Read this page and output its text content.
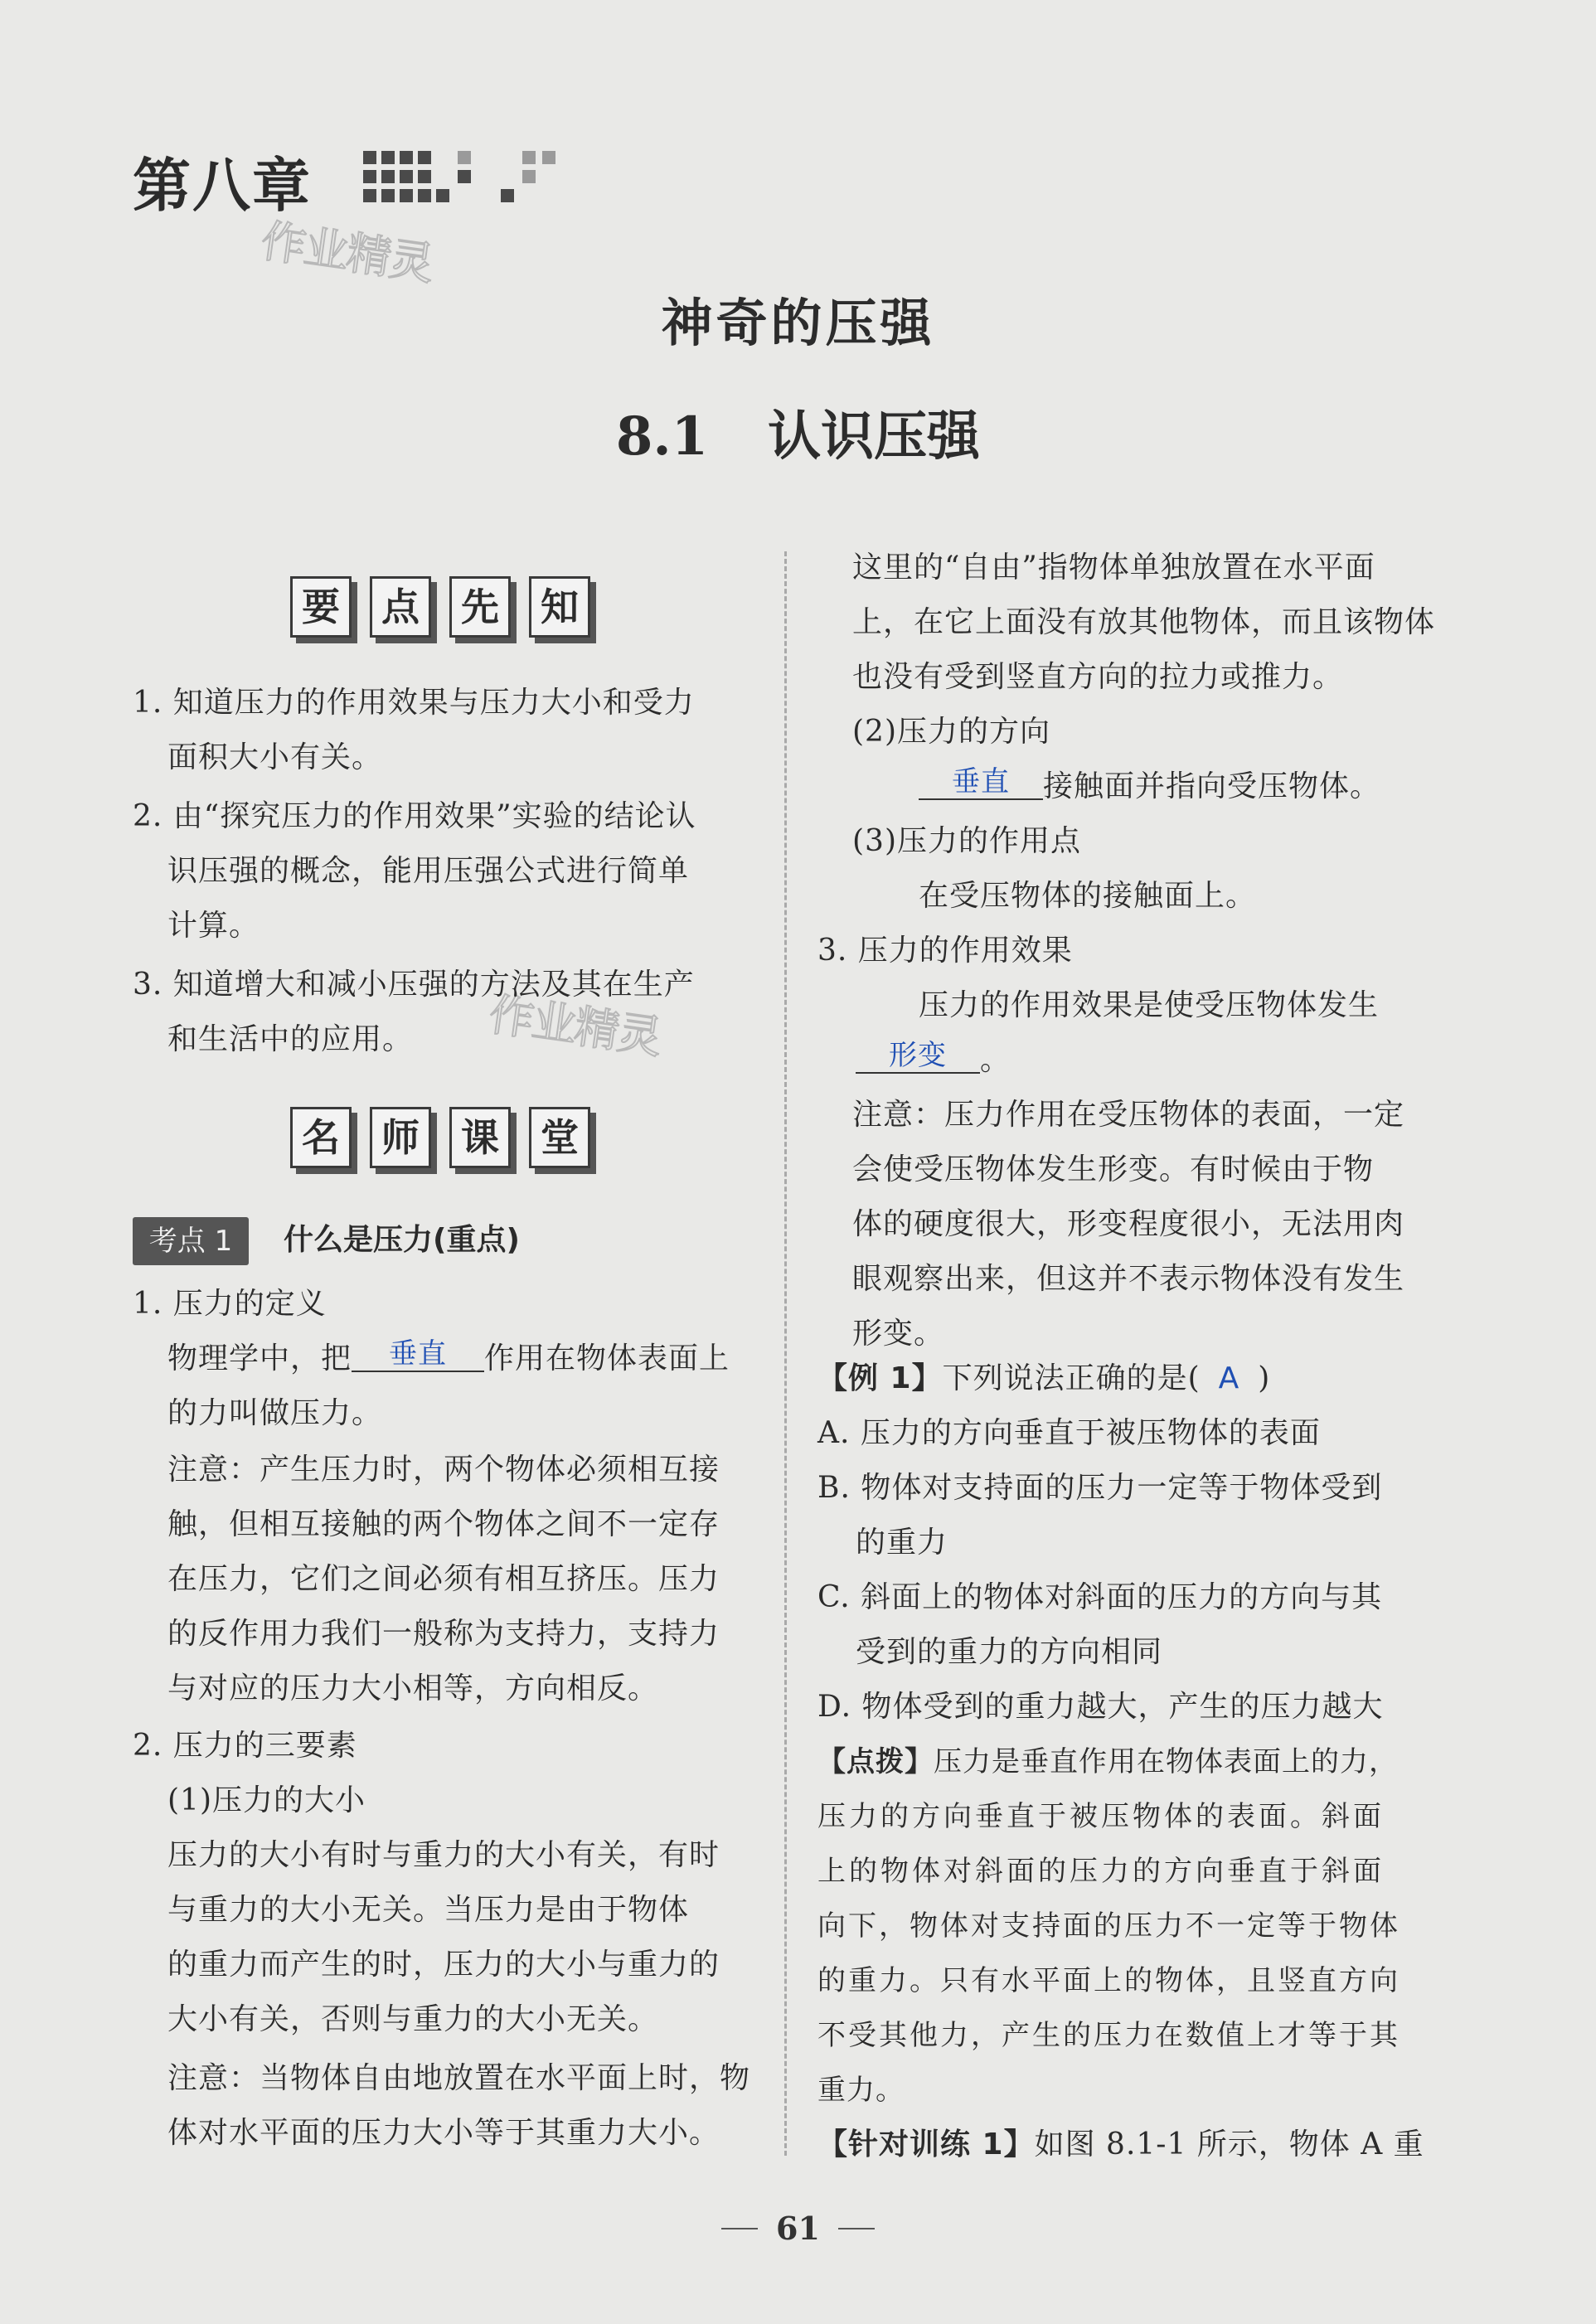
第八章
作业精灵
作业精灵
神奇的压强
8.1 认识压强
要	点	先	知
1. 知道压力的作用效果与压力大小和受力
面积大小有关。
2. 由“探究压力的作用效果”实验的结论认
识压强的概念，能用压强公式进行简单
计算。
3. 知道增大和减小压强的方法及其在生产
和生活中的应用。
名	师	课	堂
考点 1	什么是压力(重点)
1. 压力的定义
物理学中，把 垂直 作用在物体表面上
的力叫做压力。
注意：产生压力时，两个物体必须相互接
触，但相互接触的两个物体之间不一定存
在压力，它们之间必须有相互挤压。压力
的反作用力我们一般称为支持力，支持力
与对应的压力大小相等，方向相反。
2. 压力的三要素
(1)压力的大小
压力的大小有时与重力的大小有关，有时
与重力的大小无关。当压力是由于物体
的重力而产生的时，压力的大小与重力的
大小有关，否则与重力的大小无关。
注意：当物体自由地放置在水平面上时，物
体对水平面的压力大小等于其重力大小。
这里的“自由”指物体单独放置在水平面
上，在它上面没有放其他物体，而且该物体
也没有受到竖直方向的拉力或推力。
(2)压力的方向
垂直 接触面并指向受压物体。
(3)压力的作用点
在受压物体的接触面上。
3. 压力的作用效果
压力的作用效果是使受压物体发生
形变 。
注意：压力作用在受压物体的表面，一定
会使受压物体发生形变。有时候由于物
体的硬度很大，形变程度很小，无法用肉
眼观察出来，但这并不表示物体没有发生
形变。
【例 1】下列说法正确的是( A )
A. 压力的方向垂直于被压物体的表面
B. 物体对支持面的压力一定等于物体受到
的重力
C. 斜面上的物体对斜面的压力的方向与其
受到的重力的方向相同
D. 物体受到的重力越大，产生的压力越大
【点拨】压力是垂直作用在物体表面上的力，
压力的方向垂直于被压物体的表面。斜面
上的物体对斜面的压力的方向垂直于斜面
向下，物体对支持面的压力不一定等于物体
的重力。只有水平面上的物体，且竖直方向
不受其他力，产生的压力在数值上才等于其
重力。
【针对训练 1】如图 8.1-1 所示，物体 A 重
61
